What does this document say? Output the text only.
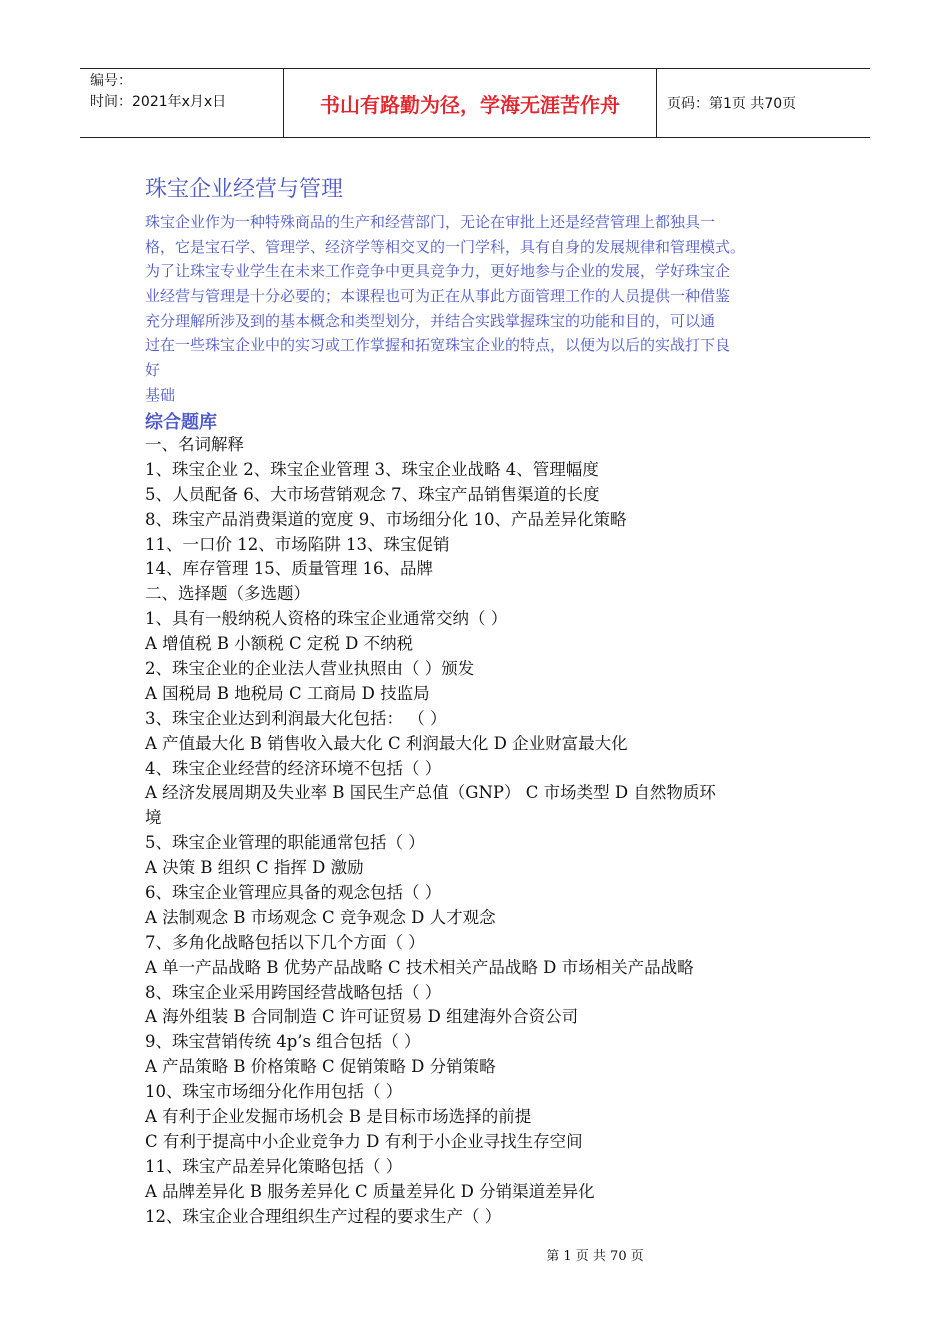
编号：
时间：2021年x月x日	书山有路勤为径，学海无涯苦作舟	页码：第1页 共70页
珠宝企业经营与管理
珠宝企业作为一种特殊商品的生产和经营部门，无论在审批上还是经营管理上都独具一
格，它是宝石学、管理学、经济学等相交叉的一门学科，具有自身的发展规律和管理模式。
为了让珠宝专业学生在未来工作竞争中更具竞争力，更好地参与企业的发展，学好珠宝企
业经营与管理是十分必要的；本课程也可为正在从事此方面管理工作的人员提供一种借鉴
充分理解所涉及到的基本概念和类型划分，并结合实践掌握珠宝的功能和目的，可以通
过在一些珠宝企业中的实习或工作掌握和拓宽珠宝企业的特点，以便为以后的实战打下良
好
基础
综合题库
一、名词解释
1、珠宝企业 2、珠宝企业管理 3、珠宝企业战略 4、管理幅度
5、人员配备 6、大市场营销观念 7、珠宝产品销售渠道的长度
8、珠宝产品消费渠道的宽度 9、市场细分化 10、产品差异化策略
11、一口价 12、市场陷阱 13、珠宝促销
14、库存管理 15、质量管理 16、品牌
二、选择题（多选题）
1、具有一般纳税人资格的珠宝企业通常交纳（ ）
A 增值税 B 小额税 C 定税 D 不纳税
2、珠宝企业的企业法人营业执照由（ ）颁发
A 国税局 B 地税局 C 工商局 D 技监局
3、珠宝企业达到利润最大化包括： （ ）
A 产值最大化 B 销售收入最大化 C 利润最大化 D 企业财富最大化
4、珠宝企业经营的经济环境不包括（ ）
A 经济发展周期及失业率 B 国民生产总值（GNP） C 市场类型 D 自然物质环
境
5、珠宝企业管理的职能通常包括（ ）
A 决策 B 组织 C 指挥 D 激励
6、珠宝企业管理应具备的观念包括（ ）
A 法制观念 B 市场观念 C 竞争观念 D 人才观念
7、多角化战略包括以下几个方面（ ）
A 单一产品战略 B 优势产品战略 C 技术相关产品战略 D 市场相关产品战略
8、珠宝企业采用跨国经营战略包括（ ）
A 海外组装 B 合同制造 C 许可证贸易 D 组建海外合资公司
9、珠宝营销传统 4p’s 组合包括（ ）
A 产品策略 B 价格策略 C 促销策略 D 分销策略
10、珠宝市场细分化作用包括（ ）
A 有利于企业发掘市场机会 B 是目标市场选择的前提
C 有利于提高中小企业竞争力 D 有利于小企业寻找生存空间
11、珠宝产品差异化策略包括（ ）
A 品牌差异化 B 服务差异化 C 质量差异化 D 分销渠道差异化
12、珠宝企业合理组织生产过程的要求生产（ ）
第 1 页 共 70 页
